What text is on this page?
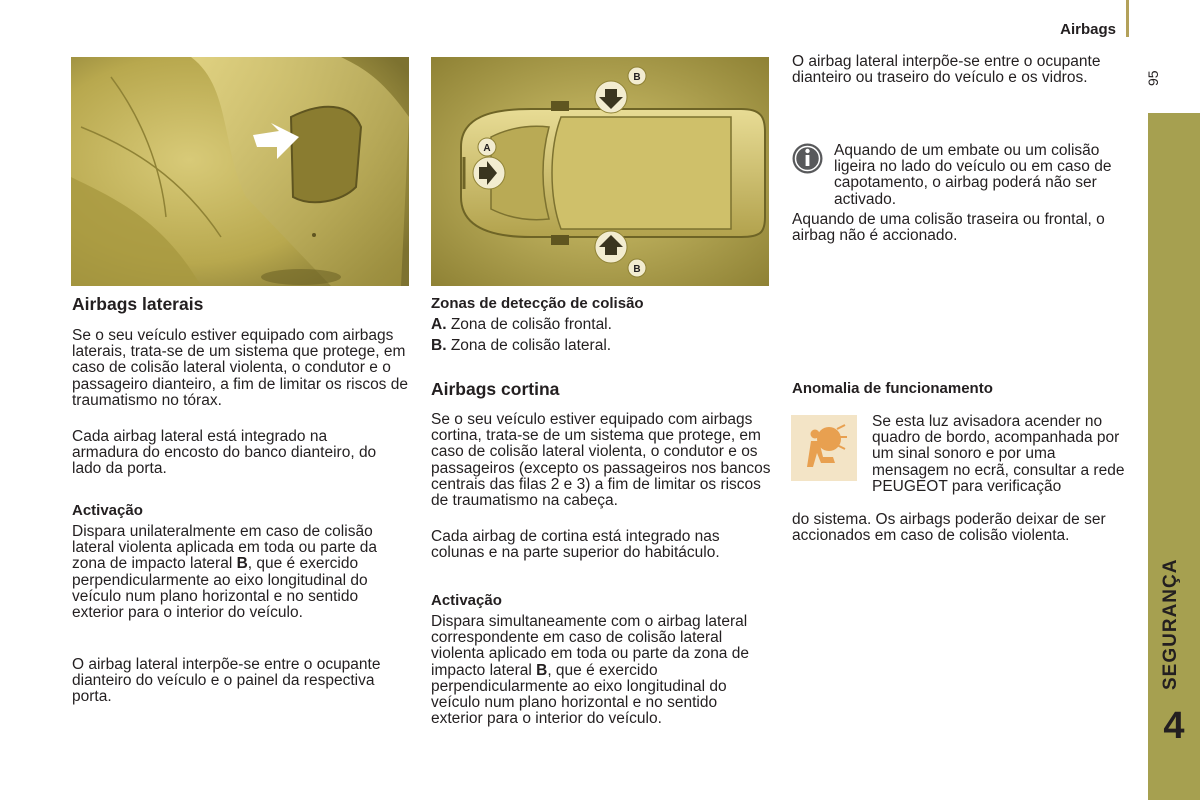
Airbags
95
SEGURANÇA
4
A
B
B
Airbags laterais

Se o seu veículo estiver equipado com airbags laterais, trata-se de um sistema que protege, em caso de colisão lateral violenta, o condutor e o passageiro dianteiro, a fim de limitar os riscos de traumatismo no tórax.

Cada airbag lateral está integrado na armadura do encosto do banco dianteiro, do lado da porta.

Activação

Dispara unilateralmente em caso de colisão lateral violenta aplicada em toda ou parte da zona de impacto lateral B, que é exercido perpendicularmente ao eixo longitudinal do veículo num plano horizontal e no sentido exterior para o interior do veículo.

O airbag lateral interpõe-se entre o ocupante dianteiro do veículo e o painel da respectiva porta.

Zonas de detecção de colisão
A. Zona de colisão frontal.
B. Zona de colisão lateral.
Airbags cortina

Se o seu veículo estiver equipado com airbags cortina, trata-se de um sistema que protege, em caso de colisão lateral violenta, o condutor e os passageiros (excepto os passageiros nos bancos centrais das filas 2 e 3) a fim de limitar os riscos de traumatismo na cabeça.

Cada airbag de cortina está integrado nas colunas e na parte superior do habitáculo.

Activação

Dispara simultaneamente com o airbag lateral correspondente em caso de colisão lateral violenta aplicado em toda ou parte da zona de impacto lateral B, que é exercido perpendicularmente ao eixo longitudinal do veículo num plano horizontal e no sentido exterior para o interior do veículo.

O airbag lateral interpõe-se entre o ocupante dianteiro ou traseiro do veículo e os vidros.

Aquando de um embate ou um colisão ligeira no lado do veículo ou em caso de capotamento, o airbag poderá não ser activado.

Aquando de uma colisão traseira ou frontal, o airbag não é accionado.

Anomalia de funcionamento

Se esta luz avisadora acender no quadro de bordo, acompanhada por um sinal sonoro e por uma mensagem no ecrã, consultar a rede PEUGEOT para verificação

do sistema. Os airbags poderão deixar de ser accionados em caso de colisão violenta.
